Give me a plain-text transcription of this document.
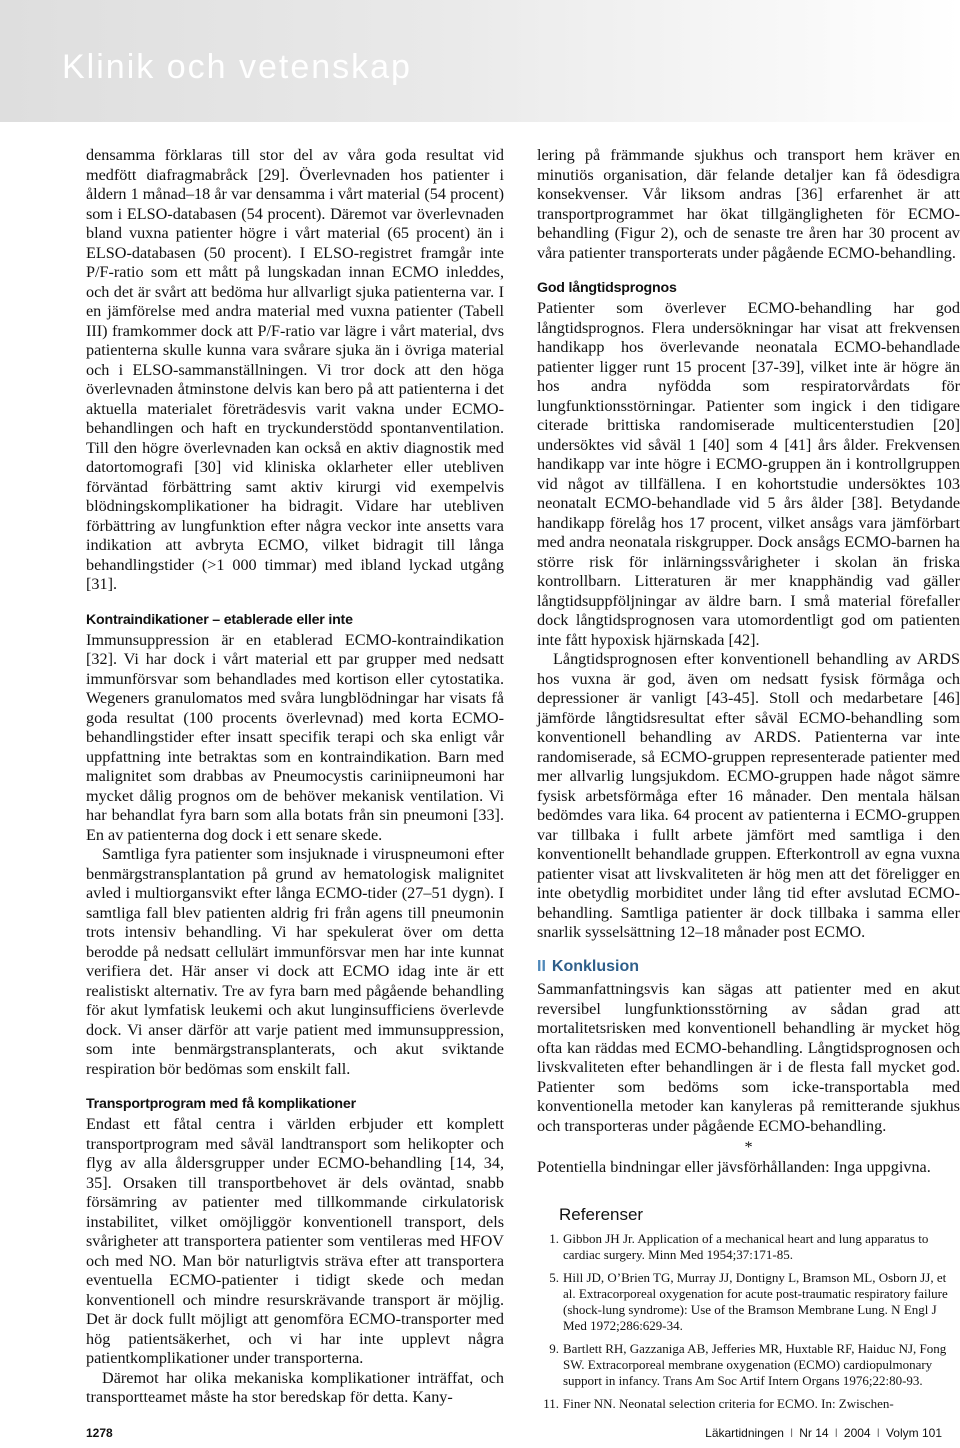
Klinik och vetenskap

densamma förklaras till stor del av våra goda resultat vid medfött diafragmabråck [29]. Överlevnaden hos patienter i åldern 1 månad–18 år var densamma i vårt material (54 procent) som i ELSO-databasen (54 procent). Däremot var överlevnaden bland vuxna patienter högre i vårt material (65 procent) än i ELSO-databasen (50 procent). I ELSO-registret framgår inte P/F-ratio som ett mått på lungskadan innan ECMO inleddes, och det är svårt att bedöma hur allvarligt sjuka patienterna var. I en jämförelse med andra material med vuxna patienter (Tabell III) framkommer dock att P/F-ratio var lägre i vårt material, dvs patienterna skulle kunna vara svårare sjuka än i övriga material och i ELSO-sammanställningen. Vi tror dock att den höga överlevnaden åtminstone delvis kan bero på att patienterna i det aktuella materialet företrädesvis varit vakna under ECMO-behandlingen och haft en tryckunderstödd spontanventilation. Till den högre överlevnaden kan också en aktiv diagnostik med datortomografi [30] vid kliniska oklarheter eller utebliven förväntad förbättring samt aktiv kirurgi vid exempelvis blödningskomplikationer ha bidragit. Vidare har utebliven förbättring av lungfunktion efter några veckor inte ansetts vara indikation att avbryta ECMO, vilket bidragit till långa behandlingstider (>1 000 timmar) med ibland lyckad utgång [31].

Kontraindikationer – etablerade eller inte

Immunsuppression är en etablerad ECMO-kontraindikation [32]. Vi har dock i vårt material ett par grupper med nedsatt immunförsvar som behandlades med kortison eller cytostatika. Wegeners granulomatos med svåra lungblödningar har visats få goda resultat (100 procents överlevnad) med korta ECMO-behandlingstider efter insatt specifik terapi och ska enligt vår uppfattning inte betraktas som en kontraindikation. Barn med malignitet som drabbas av Pneumocystis cariniipneumoni har mycket dålig prognos om de behöver mekanisk ventilation. Vi har behandlat fyra barn som alla botats från sin pneumoni [33]. En av patienterna dog dock i ett senare skede.

Samtliga fyra patienter som insjuknade i viruspneumoni efter benmärgstransplantation på grund av hematologisk malignitet avled i multiorgansvikt efter långa ECMO-tider (27–51 dygn). I samtliga fall blev patienten aldrig fri från agens till pneumonin trots intensiv behandling. Vi har spekulerat över om detta berodde på nedsatt cellulärt immunförsvar men har inte kunnat verifiera det. Här anser vi dock att ECMO idag inte är ett realistiskt alternativ. Tre av fyra barn med pågående behandling för akut lymfatisk leukemi och akut lunginsufficiens överlevde dock. Vi anser därför att varje patient med immunsuppression, som inte benmärgstransplanterats, och akut sviktande respiration bör bedömas som enskilt fall.

Transportprogram med få komplikationer

Endast ett fåtal centra i världen erbjuder ett komplett transportprogram med såväl landtransport som helikopter och flyg av alla åldersgrupper under ECMO-behandling [14, 34, 35]. Orsaken till transportbehovet är dels oväntad, snabb försämring av patienter med tillkommande cirkulatorisk instabilitet, vilket omöjliggör konventionell transport, dels svårigheter att transportera patienter som ventileras med HFOV och med NO. Man bör naturligtvis sträva efter att transportera eventuella ECMO-patienter i tidigt skede och medan konventionell och mindre resurskrävande transport är möjlig. Det är dock fullt möjligt att genomföra ECMO-transporter med hög patientsäkerhet, och vi har inte upplevt några patientkomplikationer under transporterna.

Däremot har olika mekaniska komplikationer inträffat, och transportteamet måste ha stor beredskap för detta. Kany-

lering på främmande sjukhus och transport hem kräver en minutiös organisation, där felande detaljer kan få ödesdigra konsekvenser. Vår liksom andras [36] erfarenhet är att transportprogrammet har ökat tillgängligheten för ECMO-behandling (Figur 2), och de senaste tre åren har 30 procent av våra patienter transporterats under pågående ECMO-behandling.

God långtidsprognos

Patienter som överlever ECMO-behandling har god långtidsprognos. Flera undersökningar har visat att frekvensen handikapp hos överlevande neonatala ECMO-behandlade patienter ligger runt 15 procent [37-39], vilket inte är högre än hos andra nyfödda som respiratorvårdats för lungfunktionsstörningar. Patienter som ingick i den tidigare citerade brittiska randomiserade multicenterstudien [20] undersöktes vid såväl 1 [40] som 4 [41] års ålder. Frekvensen handikapp var inte högre i ECMO-gruppen än i kontrollgruppen vid något av tillfällena. I en kohortstudie undersöktes 103 neonatalt ECMO-behandlade vid 5 års ålder [38]. Betydande handikapp förelåg hos 17 procent, vilket ansågs vara jämförbart med andra neonatala riskgrupper. Dock ansågs ECMO-barnen ha större risk för inlärningssvårigheter i skolan än friska kontrollbarn. Litteraturen är mer knapphändig vad gäller långtidsuppföljningar av äldre barn. I små material förefaller dock långtidsprognosen vara utomordentligt god om patienten inte fått hypoxisk hjärnskada [42].

Långtidsprognosen efter konventionell behandling av ARDS hos vuxna är god, även om nedsatt fysisk förmåga och depressioner är vanligt [43-45]. Stoll och medarbetare [46] jämförde långtidsresultat efter såväl ECMO-behandling som konventionell behandling av ARDS. Patienterna var inte randomiserade, så ECMO-gruppen representerade patienter med mer allvarlig lungsjukdom. ECMO-gruppen hade något sämre fysisk arbetsförmåga efter 16 månader. Den mentala hälsan bedömdes vara lika. 64 procent av patienterna i ECMO-gruppen var tillbaka i fullt arbete jämfört med samtliga i den konventionellt behandlade gruppen. Efterkontroll av egna vuxna patienter visat att livskvaliteten är hög men att det föreligger en inte obetydlig morbiditet under lång tid efter avslutad ECMO-behandling. Samtliga patienter är dock tillbaka i samma eller snarlik sysselsättning 12–18 månader post ECMO.

II Konklusion

Sammanfattningsvis kan sägas att patienter med en akut reversibel lungfunktionsstörning av sådan grad att mortalitetsrisken med konventionell behandling är mycket hög ofta kan räddas med ECMO-behandling. Långtidsprognosen och livskvaliteten efter behandlingen är i de flesta fall mycket god. Patienter som bedöms som icke-transportabla med konventionella metoder kan kanyleras på remitterande sjukhus och transporteras under pågående ECMO-behandling.

*

Potentiella bindningar eller jävsförhållanden: Inga uppgivna.

Referenser
1. Gibbon JH Jr. Application of a mechanical heart and lung apparatus to cardiac surgery. Minn Med 1954;37:171-85.
5. Hill JD, O’Brien TG, Murray JJ, Dontigny L, Bramson ML, Osborn JJ, et al. Extracorporeal oxygenation for acute post-traumatic respiratory failure (shock-lung syndrome): Use of the Bramson Membrane Lung. N Engl J Med 1972;286:629-34.
9. Bartlett RH, Gazzaniga AB, Jefferies MR, Huxtable RF, Haiduc NJ, Fong SW. Extracorporeal membrane oxygenation (ECMO) cardiopulmonary support in infancy. Trans Am Soc Artif Intern Organs 1976;22:80-93.
11. Finer NN. Neonatal selection criteria for ECMO. In: Zwischen-
1278	Läkartidningen I Nr 14 I 2004 I Volym 101
